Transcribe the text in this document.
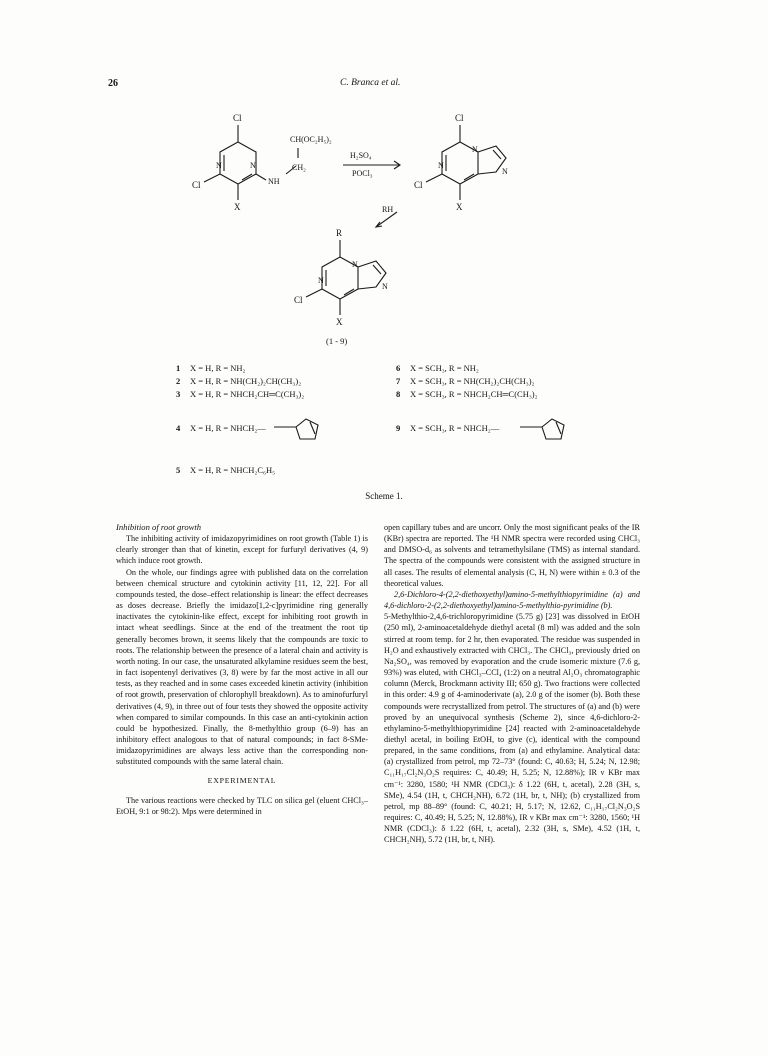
26	C. Branca et al.
Cl
N	N
Cl
X
NH
CH(OC₂H₅)₂
CH₂
H₂SO₄
POCl₃
Cl
N
N
Cl
X
N
RH
R
N
N
Cl
X
N
(1 - 9)
1 X = H, R = NH₂
2 X = H, R = NH(CH₂)₂CH(CH₃)₂
3 X = H, R = NHCH₂CH═C(CH₃)₂
4 X = H, R = NHCH₂—
5 X = H, R = NHCH₂C₆H₅
6 X = SCH₃, R = NH₂
7 X = SCH₃, R = NH(CH₂)₂CH(CH₃)₂
8 X = SCH₃, R = NHCH₂CH═C(CH₃)₂
9 X = SCH₃, R = NHCH₂—
Scheme 1.

Inhibition of root growth

The inhibiting activity of imidazopyrimidines on root growth (Table 1) is clearly stronger than that of kinetin, except for furfuryl derivatives (4, 9) which induce root growth.

On the whole, our findings agree with published data on the correlation between chemical structure and cytokinin activity [11, 12, 22]. For all compounds tested, the dose–effect relationship is linear: the effect decreases as doses decrease. Briefly the imidazo[1,2-c]pyrimidine ring generally inactivates the cytokinin-like effect, except for inhibiting root growth in intact wheat seedlings. Since at the end of the treatment the root tip generally becomes brown, it seems likely that the compounds are toxic to roots. The relationship between the presence of a lateral chain and activity is worth noting. In our case, the unsaturated alkylamine residues seem the best, in fact isopentenyl derivatives (3, 8) were by far the most active in all our tests, as they reached and in some cases exceeded kinetin activity (inhibition of root growth, preservation of chlorophyll breakdown). As to aminofurfuryl derivatives (4, 9), in three out of four tests they showed the opposite activity when compared to similar compounds. In this case an anti-cytokinin action could be hypothesized. Finally, the 8-methylthio group (6–9) has an inhibitory effect analogous to that of natural compounds; in fact 8-SMe-imidazopyrimidines are always less active than the corresponding non-substituted compounds with the same lateral chain.

EXPERIMENTAL

The various reactions were checked by TLC on silica gel (eluent CHCl₃–EtOH, 9:1 or 98:2). Mps were determined in

open capillary tubes and are uncorr. Only the most significant peaks of the IR (KBr) spectra are reported. The ¹H NMR spectra were recorded using CHCl₃ and DMSO-d₆ as solvents and tetramethylsilane (TMS) as internal standard. The spectra of the compounds were consistent with the assigned structure in all cases. The results of elemental analysis (C, H, N) were within ± 0.3 of the theoretical values.

2,6-Dichloro-4-(2,2-diethoxyethyl)amino-5-methylthiopyrimidine (a) and 4,6-dichloro-2-(2,2-diethoxyethyl)amino-5-methylthio-pyrimidine (b).

5-Methylthio-2,4,6-trichloropyrimidine (5.75 g) [23] was dissolved in EtOH (250 ml), 2-aminoacetaldehyde diethyl acetal (8 ml) was added and the soln stirred at room temp. for 2 hr, then evaporated. The residue was suspended in H₂O and exhaustively extracted with CHCl₃. The CHCl₃, previously dried on Na₂SO₄, was removed by evaporation and the crude isomeric mixture (7.6 g, 93%) was eluted, with CHCl₃–CCl₄ (1:2) on a neutral Al₂O₃ chromatographic column (Merck, Brockmann activity III; 650 g). Two fractions were collected in this order: 4.9 g of 4-aminoderivate (a), 2.0 g of the isomer (b). Both these compounds were recrystallized from petrol. The structures of (a) and (b) were proved by an unequivocal synthesis (Scheme 2), since 4,6-dichloro-2-ethylamino-5-methylthiopyrimidine [24] reacted with 2-aminoacetaldehyde diethyl acetal, in boiling EtOH, to give (c), identical with the compound prepared, in the same conditions, from (a) and ethylamine. Analytical data: (a) crystallized from petrol, mp 72–73° (found: C, 40.63; H, 5.24; N, 12.98; C₁₁H₁₇Cl₂N₃O₂S requires: C, 40.49; H, 5.25; N, 12.88%); IR ν KBr max cm⁻¹: 3280, 1580; ¹H NMR (CDCl₃): δ 1.22 (6H, t, acetal), 2.28 (3H, s, SMe), 4.54 (1H, t, CHCH₂NH), 6.72 (1H, br, t, NH); (b) crystallized from petrol, mp 88–89° (found: C, 40.21; H, 5.17; N, 12.62, C₁₁H₁₇Cl₂N₃O₂S requires: C, 40.49; H, 5.25; N, 12.88%), IR ν KBr max cm⁻¹: 3280, 1560; ¹H NMR (CDCl₃): δ 1.22 (6H, t, acetal), 2.32 (3H, s, SMe), 4.52 (1H, t, CHCH₂NH), 5.72 (1H, br, t, NH).
